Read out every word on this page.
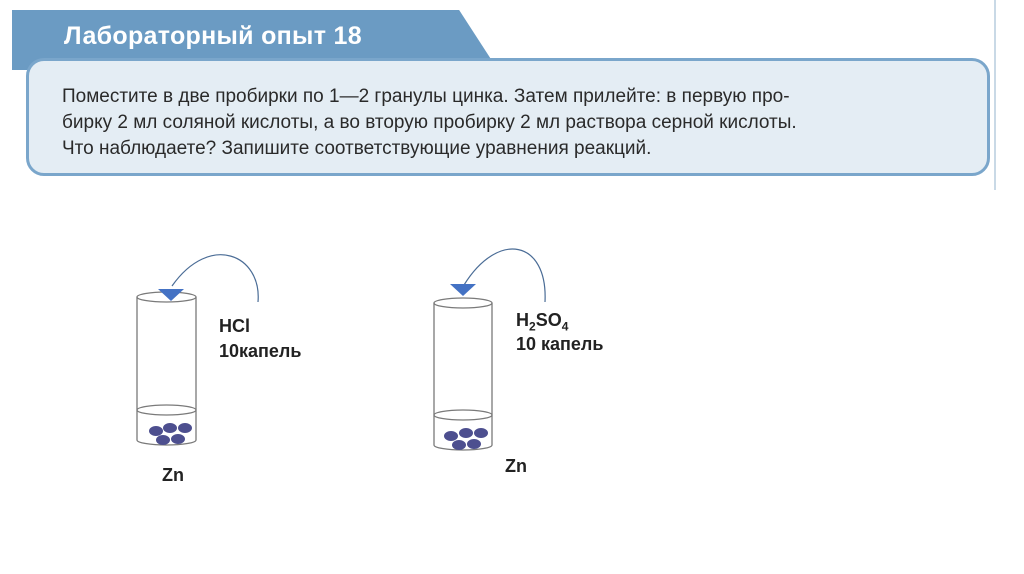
Лабораторный опыт 18
Поместите в две пробирки по 1—2 гранулы цинка. Затем прилейте: в первую про-
бирку 2 мл соляной кислоты, а во вторую пробирку 2 мл раствора серной кислоты.
Что наблюдаете? Запишите соответствующие уравнения реакций.
HCl
10капель
Zn
$H_2SO_4$
10 капель
Zn
